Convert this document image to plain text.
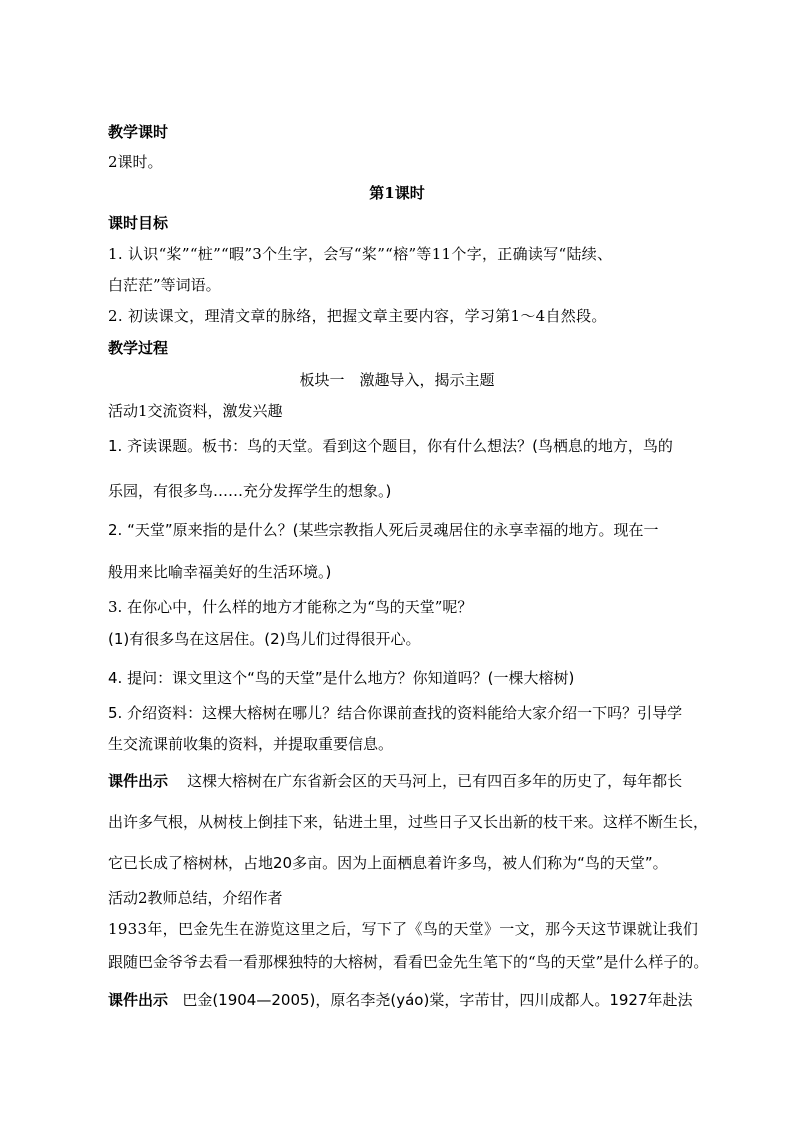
教学课时
2课时。
第1课时
课时目标
1. 认识“桨”“桩”“暇”3个生字，会写“桨”“榕”等11个字，正确读写“陆续、
白茫茫”等词语。
2. 初读课文，理清文章的脉络，把握文章主要内容，学习第1～4自然段。
教学过程
板块一　激趣导入，揭示主题
活动1交流资料，激发兴趣
1. 齐读课题。板书：鸟的天堂。看到这个题目，你有什么想法？(鸟栖息的地方，鸟的
乐园，有很多鸟……充分发挥学生的想象。)
2. “天堂”原来指的是什么？(某些宗教指人死后灵魂居住的永享幸福的地方。现在一
般用来比喻幸福美好的生活环境。)
3. 在你心中，什么样的地方才能称之为“鸟的天堂”呢？
(1)有很多鸟在这居住。(2)鸟儿们过得很开心。
4. 提问：课文里这个“鸟的天堂”是什么地方？你知道吗？(一棵大榕树)
5. 介绍资料：这棵大榕树在哪儿？结合你课前查找的资料能给大家介绍一下吗？引导学
生交流课前收集的资料，并提取重要信息。
课件出示 这棵大榕树在广东省新会区的天马河上，已有四百多年的历史了，每年都长
出许多气根，从树枝上倒挂下来，钻进土里，过些日子又长出新的枝干来。这样不断生长，
它已长成了榕树林，占地20多亩。因为上面栖息着许多鸟，被人们称为“鸟的天堂”。
活动2教师总结，介绍作者
1933年，巴金先生在游览这里之后，写下了《鸟的天堂》一文，那今天这节课就让我们
跟随巴金爷爷去看一看那棵独特的大榕树，看看巴金先生笔下的“鸟的天堂”是什么样子的。
课件出示 巴金(1904—2005)，原名李尧(yáo)棠，字芾甘，四川成都人。1927年赴法
